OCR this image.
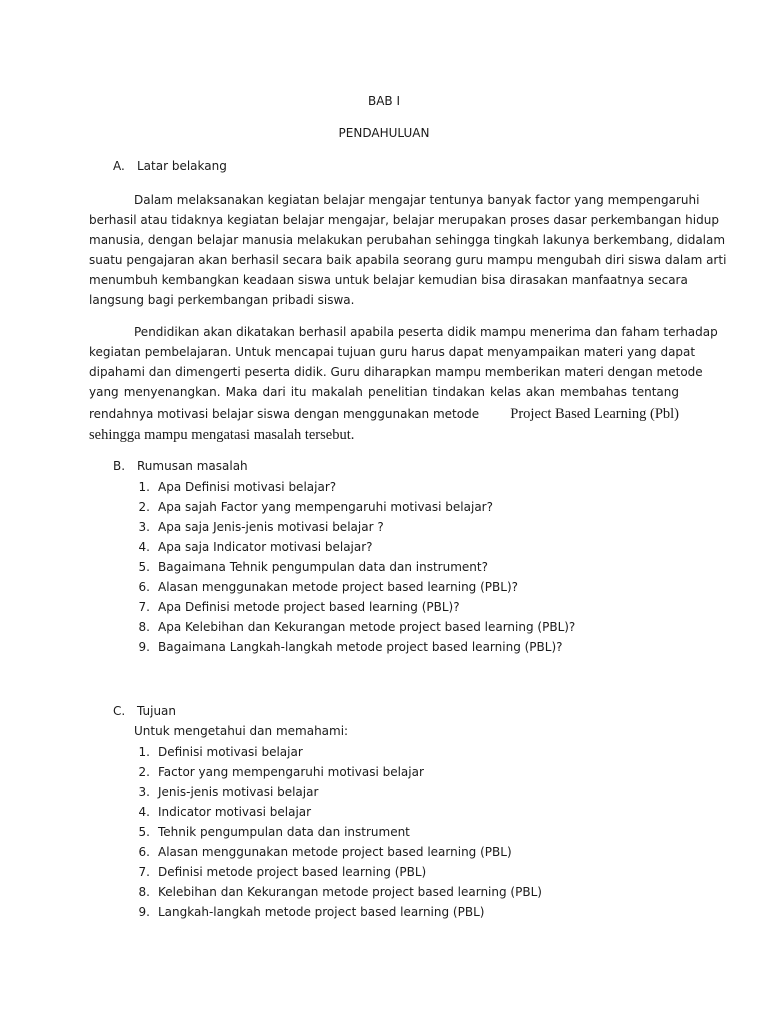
BAB I
PENDAHULUAN
A. Latar belakang
Dalam melaksanakan kegiatan belajar mengajar tentunya banyak factor yang mempengaruhi
berhasil atau tidaknya kegiatan belajar mengajar, belajar merupakan proses dasar perkembangan hidup
manusia, dengan belajar manusia melakukan perubahan sehingga tingkah lakunya berkembang, didalam
suatu pengajaran akan berhasil secara baik apabila seorang guru mampu mengubah diri siswa dalam arti
menumbuh kembangkan keadaan siswa untuk belajar kemudian bisa dirasakan manfaatnya secara
langsung bagi perkembangan pribadi siswa.
Pendidikan akan dikatakan berhasil apabila peserta didik mampu menerima dan faham terhadap
kegiatan pembelajaran. Untuk mencapai tujuan guru harus dapat menyampaikan materi yang dapat
dipahami dan dimengerti peserta didik. Guru diharapkan mampu memberikan materi dengan metode
yang menyenangkan. Maka dari itu makalah penelitian tindakan kelas akan membahas tentang
rendahnya motivasi belajar siswa dengan menggunakan metode Project Based Learning (Pbl)
sehingga mampu mengatasi masalah tersebut.
B. Rumusan masalah
1. Apa Definisi motivasi belajar?
2. Apa sajah Factor yang mempengaruhi motivasi belajar?
3. Apa saja Jenis-jenis motivasi belajar ?
4. Apa saja Indicator motivasi belajar?
5. Bagaimana Tehnik pengumpulan data dan instrument?
6. Alasan menggunakan metode project based learning (PBL)?
7. Apa Definisi metode project based learning (PBL)?
8. Apa Kelebihan dan Kekurangan metode project based learning (PBL)?
9. Bagaimana Langkah-langkah metode project based learning (PBL)?
C. Tujuan
Untuk mengetahui dan memahami:
1. Definisi motivasi belajar
2. Factor yang mempengaruhi motivasi belajar
3. Jenis-jenis motivasi belajar
4. Indicator motivasi belajar
5. Tehnik pengumpulan data dan instrument
6. Alasan menggunakan metode project based learning (PBL)
7. Definisi metode project based learning (PBL)
8. Kelebihan dan Kekurangan metode project based learning (PBL)
9. Langkah-langkah metode project based learning (PBL)
